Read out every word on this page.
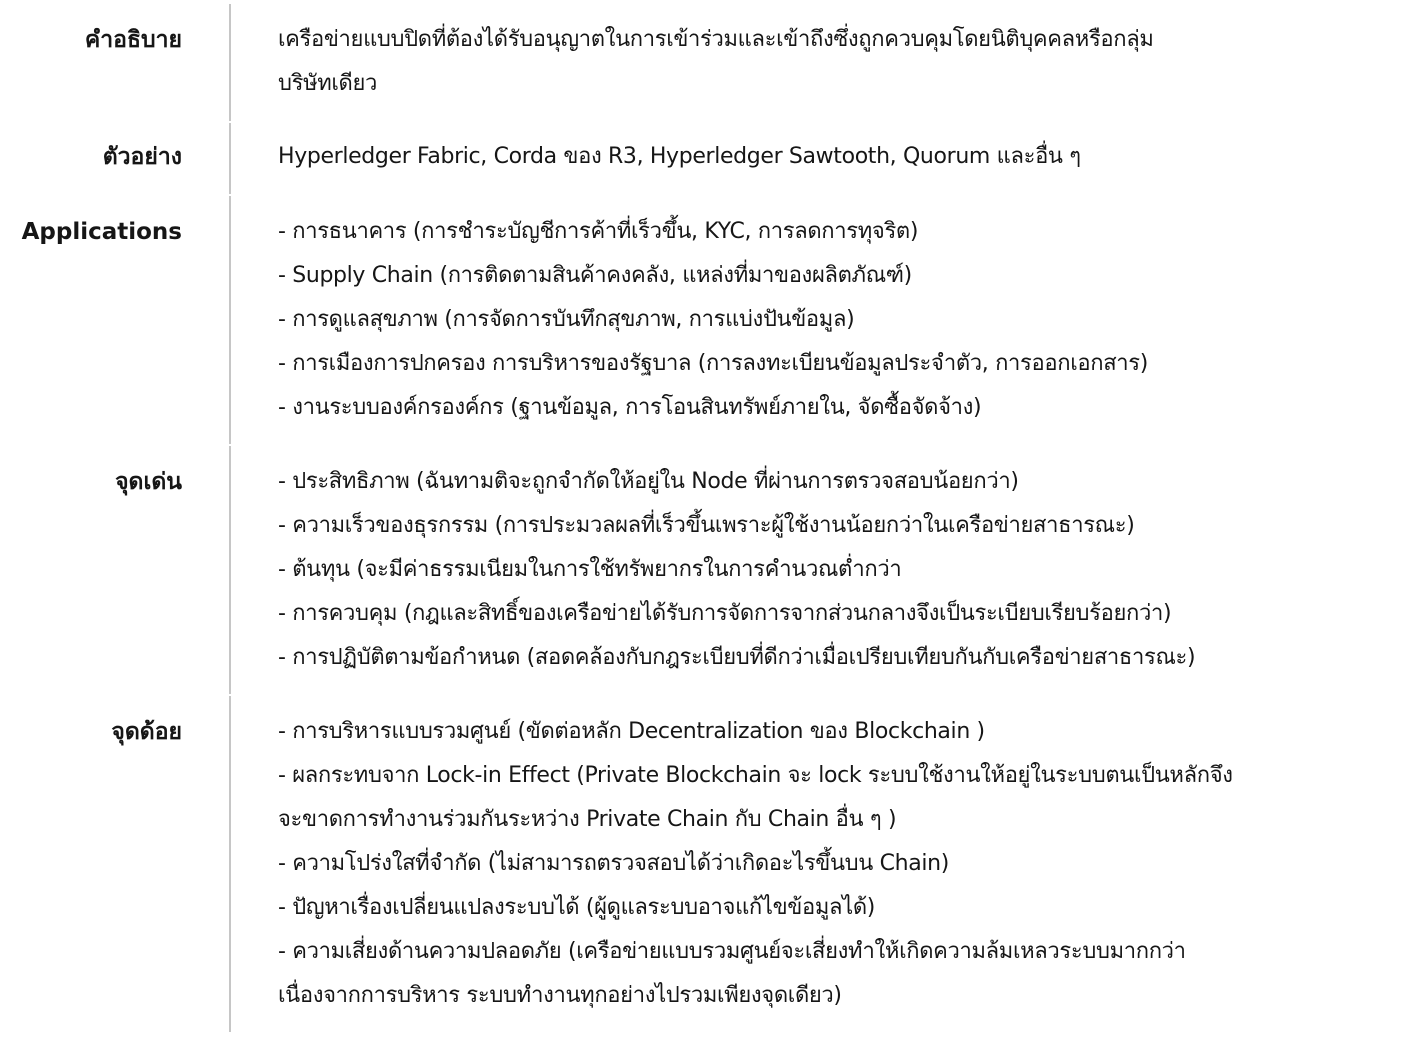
คำอธิบาย	เครือข่ายแบบปิดที่ต้องได้รับอนุญาตในการเข้าร่วมและเข้าถึงซึ่งถูกควบคุมโดยนิติบุคคลหรือกลุ่ม
บริษัทเดียว
ตัวอย่าง	Hyperledger Fabric, Corda ของ R3, Hyperledger Sawtooth, Quorum และอื่น ๆ
Applications	- การธนาคาร (การชำระบัญชีการค้าที่เร็วขึ้น, KYC, การลดการทุจริต)
- Supply Chain (การติดตามสินค้าคงคลัง, แหล่งที่มาของผลิตภัณฑ์)
- การดูแลสุขภาพ (การจัดการบันทึกสุขภาพ, การแบ่งปันข้อมูล)
- การเมืองการปกครอง การบริหารของรัฐบาล (การลงทะเบียนข้อมูลประจำตัว, การออกเอกสาร)
- งานระบบองค์กรองค์กร (ฐานข้อมูล, การโอนสินทรัพย์ภายใน, จัดซื้อจัดจ้าง)
จุดเด่น	- ประสิทธิภาพ (ฉันทามติจะถูกจำกัดให้อยู่ใน Node ที่ผ่านการตรวจสอบน้อยกว่า)
- ความเร็วของธุรกรรม (การประมวลผลที่เร็วขึ้นเพราะผู้ใช้งานน้อยกว่าในเครือข่ายสาธารณะ)
- ต้นทุน (จะมีค่าธรรมเนียมในการใช้ทรัพยากรในการคำนวณต่ำกว่า
- การควบคุม (กฎและสิทธิ์ของเครือข่ายได้รับการจัดการจากส่วนกลางจึงเป็นระเบียบเรียบร้อยกว่า)
- การปฏิบัติตามข้อกำหนด (สอดคล้องกับกฎระเบียบที่ดีกว่าเมื่อเปรียบเทียบกันกับเครือข่ายสาธารณะ)
จุดด้อย	- การบริหารแบบรวมศูนย์ (ขัดต่อหลัก Decentralization ของ Blockchain )
- ผลกระทบจาก Lock-in Effect (Private Blockchain จะ lock ระบบใช้งานให้อยู่ในระบบตนเป็นหลักจึง
จะขาดการทำงานร่วมกันระหว่าง Private Chain กับ Chain อื่น ๆ )
- ความโปร่งใสที่จำกัด (ไม่สามารถตรวจสอบได้ว่าเกิดอะไรขึ้นบน Chain)
- ปัญหาเรื่องเปลี่ยนแปลงระบบได้ (ผู้ดูแลระบบอาจแก้ไขข้อมูลได้)
- ความเสี่ยงด้านความปลอดภัย (เครือข่ายแบบรวมศูนย์จะเสี่ยงทำให้เกิดความล้มเหลวระบบมากกว่า
เนื่องจากการบริหาร ระบบทำงานทุกอย่างไปรวมเพียงจุดเดียว)
